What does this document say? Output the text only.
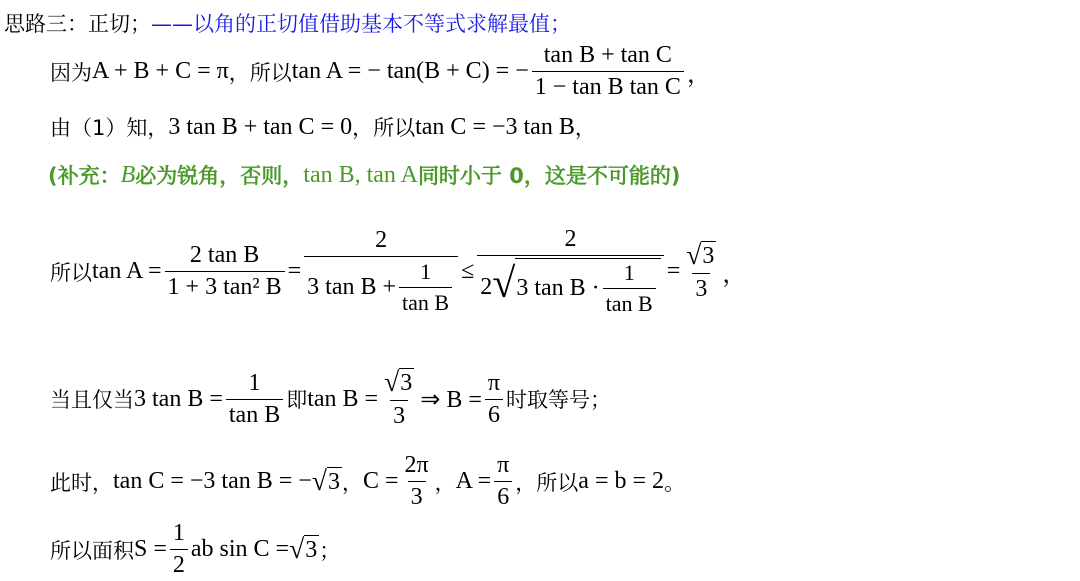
思路三：正切； ——以角的正切值借助基本不等式求解最值；
因为 A + B + C = π ，所以 tan A = − tan(B + C) = − $\frac{\text{tan B + tan C}}{\text{1 − tan B tan C}}$ ，
由（1）知， 3 tan B + tan C = 0 ，所以 tan C = −3 tan B ，
(补充： B 必为锐角，否则， tan B, tan A 同时小于 0，这是不可能的)
所以 $\tan A = \frac{\text{2 tan B}}{\text{1 + 3 tan² B}} = \frac{2}{3 \tan B + \frac{1}{\text{tan B}}}$ ≤
2
2 √ 3 $\tan B \cdot \frac{1}{\text{tan B}} = \frac{√ 3}{3}$ ，
当且仅当 3 $\tan B = \frac{1}{\text{tan B}}$ 即 $\tan B = \frac{√ 3}{3}$ ⇒ $B = \frac{\pi}{6}$ 时取等号；
此时， tan C = −3 tan B = − √ 3 ， $C = \frac{2\pi}{3}$ ， $A = \frac{\pi}{6}$ ，所以 a = b = 2 。
所以面积 $S = \frac{1}{2}$ ab sin C = √ 3 ；
